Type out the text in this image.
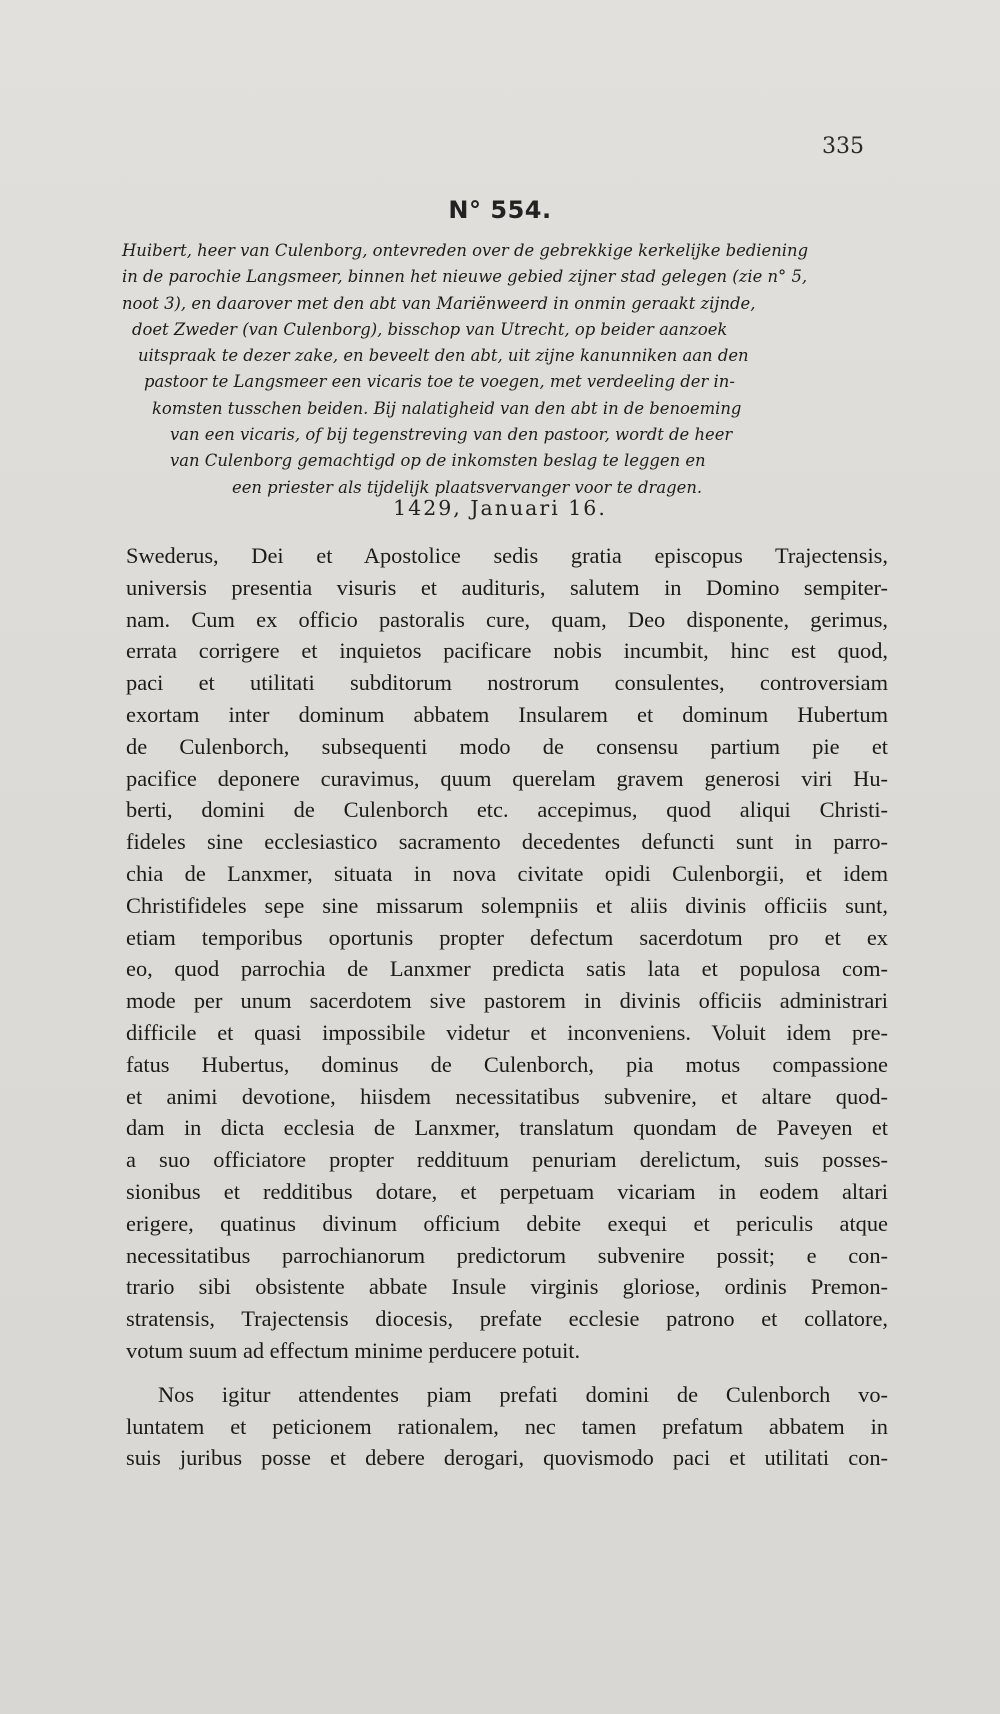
335
N° 554.
Huibert, heer van Culenborg, ontevreden over de gebrekkige kerkelijke bediening
in de parochie Langsmeer, binnen het nieuwe gebied zijner stad gelegen (zie n° 5,
noot 3), en daarover met den abt van Mariënweerd in onmin geraakt zijnde,
doet Zweder (van Culenborg), bisschop van Utrecht, op beider aanzoek
uitspraak te dezer zake, en beveelt den abt, uit zijne kanunniken aan den
pastoor te Langsmeer een vicaris toe te voegen, met verdeeling der in-
komsten tusschen beiden. Bij nalatigheid van den abt in de benoeming
van een vicaris, of bij tegenstreving van den pastoor, wordt de heer
van Culenborg gemachtigd op de inkomsten beslag te leggen en
een priester als tijdelijk plaatsvervanger voor te dragen.
1429, Januari 16.
Swederus, Dei et Apostolice sedis gratia episcopus Trajectensis,
universis presentia visuris et audituris, salutem in Domino sempiter-
nam. Cum ex officio pastoralis cure, quam, Deo disponente, gerimus,
errata corrigere et inquietos pacificare nobis incumbit, hinc est quod,
paci et utilitati subditorum nostrorum consulentes, controversiam
exortam inter dominum abbatem Insularem et dominum Hubertum
de Culenborch, subsequenti modo de consensu partium pie et
pacifice deponere curavimus, quum querelam gravem generosi viri Hu-
berti, domini de Culenborch etc. accepimus, quod aliqui Christi-
fideles sine ecclesiastico sacramento decedentes defuncti sunt in parro-
chia de Lanxmer, situata in nova civitate opidi Culenborgii, et idem
Christifideles sepe sine missarum solempniis et aliis divinis officiis sunt,
etiam temporibus oportunis propter defectum sacerdotum pro et ex
eo, quod parrochia de Lanxmer predicta satis lata et populosa com-
mode per unum sacerdotem sive pastorem in divinis officiis administrari
difficile et quasi impossibile videtur et inconveniens. Voluit idem pre-
fatus Hubertus, dominus de Culenborch, pia motus compassione
et animi devotione, hiisdem necessitatibus subvenire, et altare quod-
dam in dicta ecclesia de Lanxmer, translatum quondam de Paveyen et
a suo officiatore propter reddituum penuriam derelictum, suis posses-
sionibus et redditibus dotare, et perpetuam vicariam in eodem altari
erigere, quatinus divinum officium debite exequi et periculis atque
necessitatibus parrochianorum predictorum subvenire possit; e con-
trario sibi obsistente abbate Insule virginis gloriose, ordinis Premon-
stratensis, Trajectensis diocesis, prefate ecclesie patrono et collatore,
votum suum ad effectum minime perducere potuit.
Nos igitur attendentes piam prefati domini de Culenborch vo-
luntatem et peticionem rationalem, nec tamen prefatum abbatem in
suis juribus posse et debere derogari, quovismodo paci et utilitati con-
